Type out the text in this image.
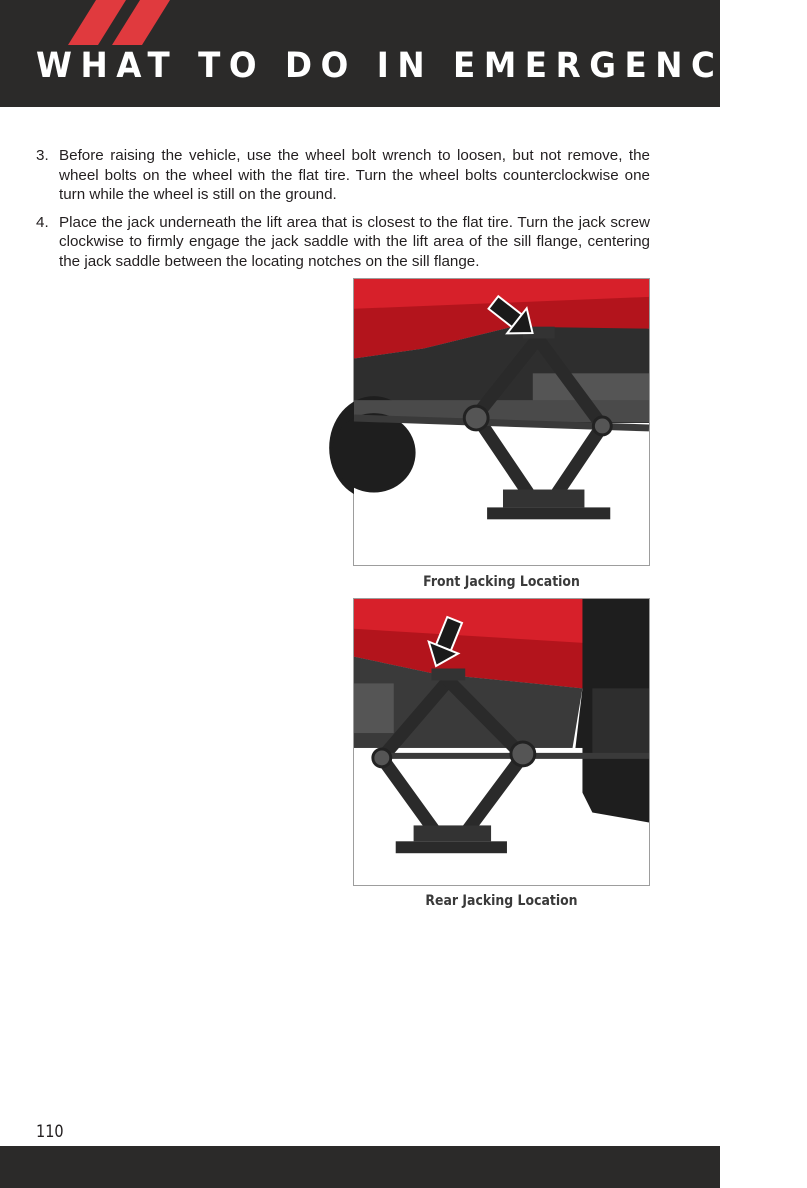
WHAT TO DO IN EMERGENCIES
3. Before raising the vehicle, use the wheel bolt wrench to loosen, but not remove, the wheel bolts on the wheel with the flat tire. Turn the wheel bolts counterclockwise one turn while the wheel is still on the ground.
4. Place the jack underneath the lift area that is closest to the flat tire. Turn the jack screw clockwise to firmly engage the jack saddle with the lift area of the sill flange, centering the jack saddle between the locating notches on the sill flange.
Front Jacking Location
Rear Jacking Location
110
